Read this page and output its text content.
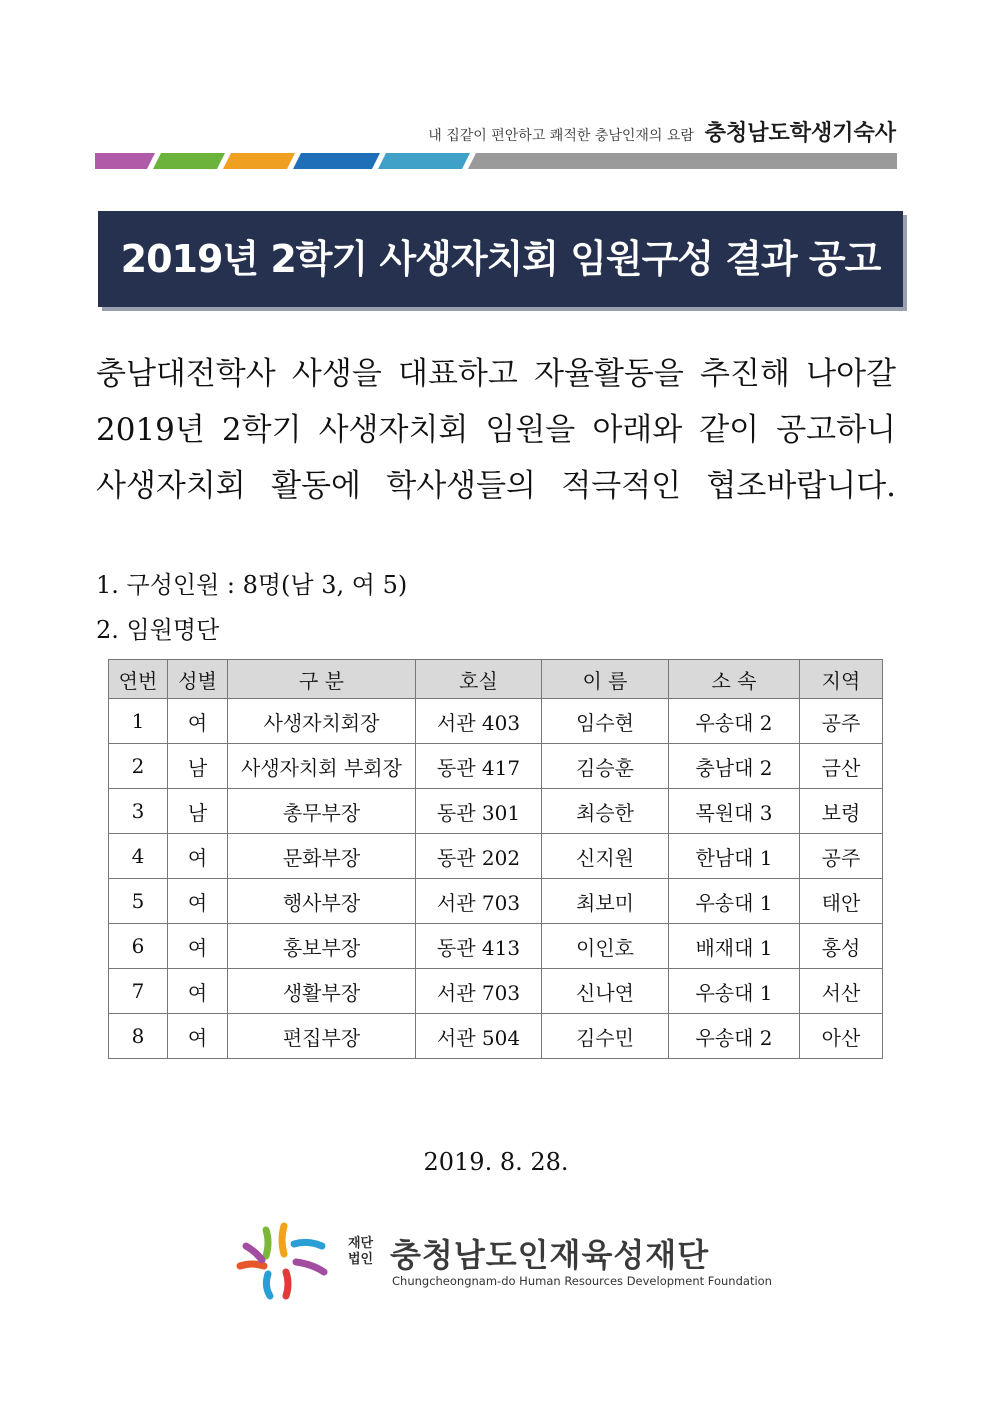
내 집같이 편안하고 쾌적한 충남인재의 요람 충청남도학생기숙사
2019년 2학기 사생자치회 임원구성 결과 공고
충남대전학사 사생을 대표하고 자율활동을 추진해 나아갈
2019년 2학기 사생자치회 임원을 아래와 같이 공고하니
사생자치회 활동에 학사생들의 적극적인 협조바랍니다.
1. 구성인원 : 8명(남 3, 여 5)
2. 임원명단
연번	성별	구 분	호실	이 름	소 속	지역
1	여	사생자치회장	서관 403	임수현	우송대 2	공주
2	남	사생자치회 부회장	동관 417	김승훈	충남대 2	금산
3	남	총무부장	동관 301	최승한	목원대 3	보령
4	여	문화부장	동관 202	신지원	한남대 1	공주
5	여	행사부장	서관 703	최보미	우송대 1	태안
6	여	홍보부장	동관 413	이인호	배재대 1	홍성
7	여	생활부장	서관 703	신나연	우송대 1	서산
8	여	편집부장	서관 504	김수민	우송대 2	아산
2019. 8. 28.
재단
법인 충청남도인재육성재단
Chungcheongnam-do Human Resources Development Foundation
